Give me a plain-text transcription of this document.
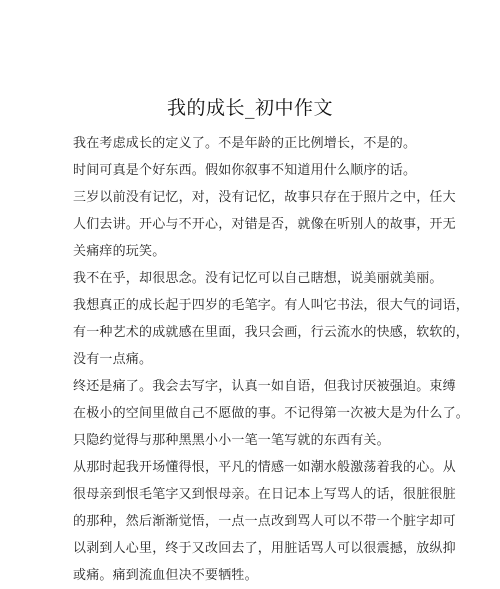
我的成长_初中作文
我在考虑成长的定义了。不是年龄的正比例增长，不是的。
时间可真是个好东西。假如你叙事不知道用什么顺序的话。
三岁以前没有记忆，对，没有记忆，故事只存在于照片之中，任大
人们去讲。开心与不开心，对错是否，就像在听别人的故事，开无
关痛痒的玩笑。
我不在乎，却很思念。没有记忆可以自己瞎想，说美丽就美丽。
我想真正的成长起于四岁的毛笔字。有人叫它书法，很大气的词语，
有一种艺术的成就感在里面，我只会画，行云流水的快感，软软的，
没有一点痛。
终还是痛了。我会去写字，认真一如自语，但我讨厌被强迫。束缚
在极小的空间里做自己不愿做的事。不记得第一次被大是为什么了。
只隐约觉得与那种黑黑小小一笔一笔写就的东西有关。
从那时起我开场懂得恨，平凡的情感一如潮水般激荡着我的心。从
很母亲到恨毛笔字又到恨母亲。在日记本上写骂人的话，很脏很脏
的那种，然后渐渐觉悟，一点一点改到骂人可以不带一个脏字却可
以剥到人心里，终于又改回去了，用脏话骂人可以很震撼，放纵抑
或痛。痛到流血但决不要牺牲。
